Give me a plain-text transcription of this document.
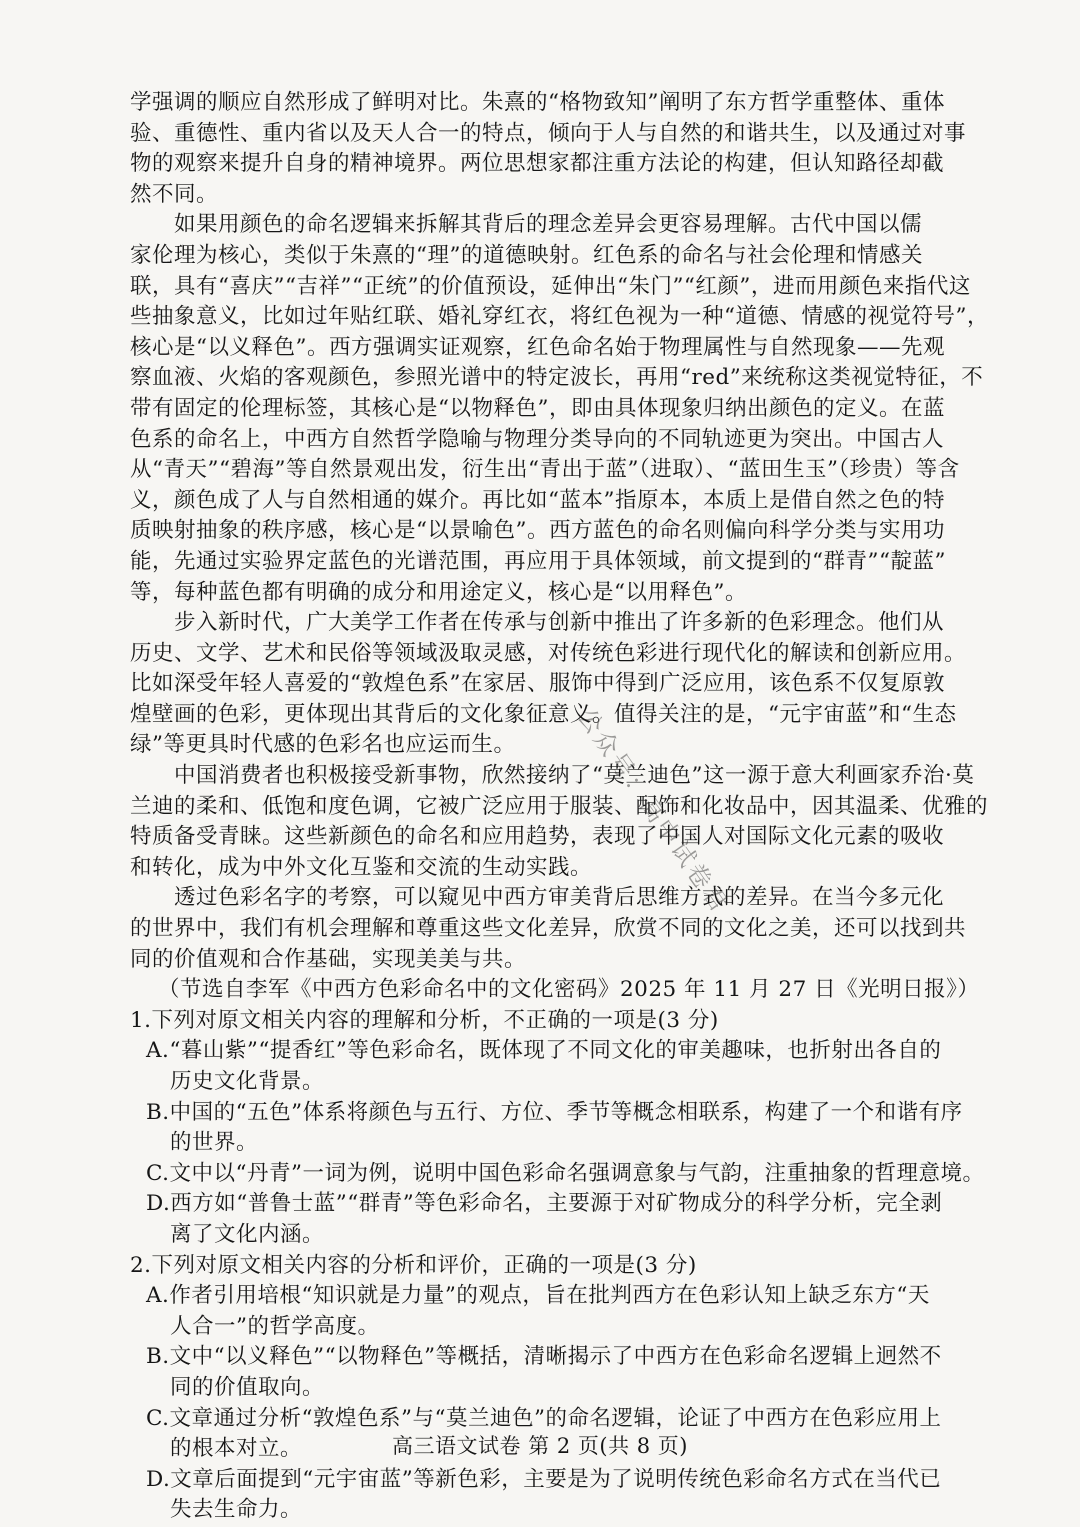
学强调的顺应自然形成了鲜明对比。朱熹的“格物致知”阐明了东方哲学重整体、重体
验、重德性、重内省以及天人合一的特点，倾向于人与自然的和谐共生，以及通过对事
物的观察来提升自身的精神境界。两位思想家都注重方法论的构建，但认知路径却截
然不同。
　　如果用颜色的命名逻辑来拆解其背后的理念差异会更容易理解。古代中国以儒
家伦理为核心，类似于朱熹的“理”的道德映射。红色系的命名与社会伦理和情感关
联，具有“喜庆”“吉祥”“正统”的价值预设，延伸出“朱门”“红颜”，进而用颜色来指代这
些抽象意义，比如过年贴红联、婚礼穿红衣，将红色视为一种“道德、情感的视觉符号”，
核心是“以义释色”。西方强调实证观察，红色命名始于物理属性与自然现象——先观
察血液、火焰的客观颜色，参照光谱中的特定波长，再用“red”来统称这类视觉特征，不
带有固定的伦理标签，其核心是“以物释色”，即由具体现象归纳出颜色的定义。在蓝
色系的命名上，中西方自然哲学隐喻与物理分类导向的不同轨迹更为突出。中国古人
从“青天”“碧海”等自然景观出发，衍生出“青出于蓝”（进取）、“蓝田生玉”（珍贵）等含
义，颜色成了人与自然相通的媒介。再比如“蓝本”指原本，本质上是借自然之色的特
质映射抽象的秩序感，核心是“以景喻色”。西方蓝色的命名则偏向科学分类与实用功
能，先通过实验界定蓝色的光谱范围，再应用于具体领域，前文提到的“群青”“靛蓝”
等，每种蓝色都有明确的成分和用途定义，核心是“以用释色”。
　　步入新时代，广大美学工作者在传承与创新中推出了许多新的色彩理念。他们从
历史、文学、艺术和民俗等领域汲取灵感，对传统色彩进行现代化的解读和创新应用。
比如深受年轻人喜爱的“敦煌色系”在家居、服饰中得到广泛应用，该色系不仅复原敦
煌壁画的色彩，更体现出其背后的文化象征意义。值得关注的是，“元宇宙蓝”和“生态
绿”等更具时代感的色彩名也应运而生。
　　中国消费者也积极接受新事物，欣然接纳了“莫兰迪色”这一源于意大利画家乔治·莫
兰迪的柔和、低饱和度色调，它被广泛应用于服装、配饰和化妆品中，因其温柔、优雅的
特质备受青睐。这些新颜色的命名和应用趋势，表现了中国人对国际文化元素的吸收
和转化，成为中外文化互鉴和交流的生动实践。
　　透过色彩名字的考察，可以窥见中西方审美背后思维方式的差异。在当今多元化
的世界中，我们有机会理解和尊重这些文化差异，欣赏不同的文化之美，还可以找到共
同的价值观和合作基础，实现美美与共。
（节选自李军《中西方色彩命名中的文化密码》2025 年 11 月 27 日《光明日报》）
1.下列对原文相关内容的理解和分析，不正确的一项是(3 分)
A.“暮山紫”“提香红”等色彩命名，既体现了不同文化的审美趣味，也折射出各自的
历史文化背景。
B.中国的“五色”体系将颜色与五行、方位、季节等概念相联系，构建了一个和谐有序
的世界。
C.文中以“丹青”一词为例，说明中国色彩命名强调意象与气韵，注重抽象的哲理意境。
D.西方如“普鲁士蓝”“群青”等色彩命名，主要源于对矿物成分的科学分析，完全剥
离了文化内涵。
2.下列对原文相关内容的分析和评价，正确的一项是(3 分)
A.作者引用培根“知识就是力量”的观点，旨在批判西方在色彩认知上缺乏东方“天
人合一”的哲学高度。
B.文中“以义释色”“以物释色”等概括，清晰揭示了中西方在色彩命名逻辑上迥然不
同的价值取向。
C.文章通过分析“敦煌色系”与“莫兰迪色”的命名逻辑，论证了中西方在色彩应用上
的根本对立。
D.文章后面提到“元宇宙蓝”等新色彩，主要是为了说明传统色彩命名方式在当代已
失去生命力。
高三语文试卷 第 2 页(共 8 页)
公众号：高中试卷君
